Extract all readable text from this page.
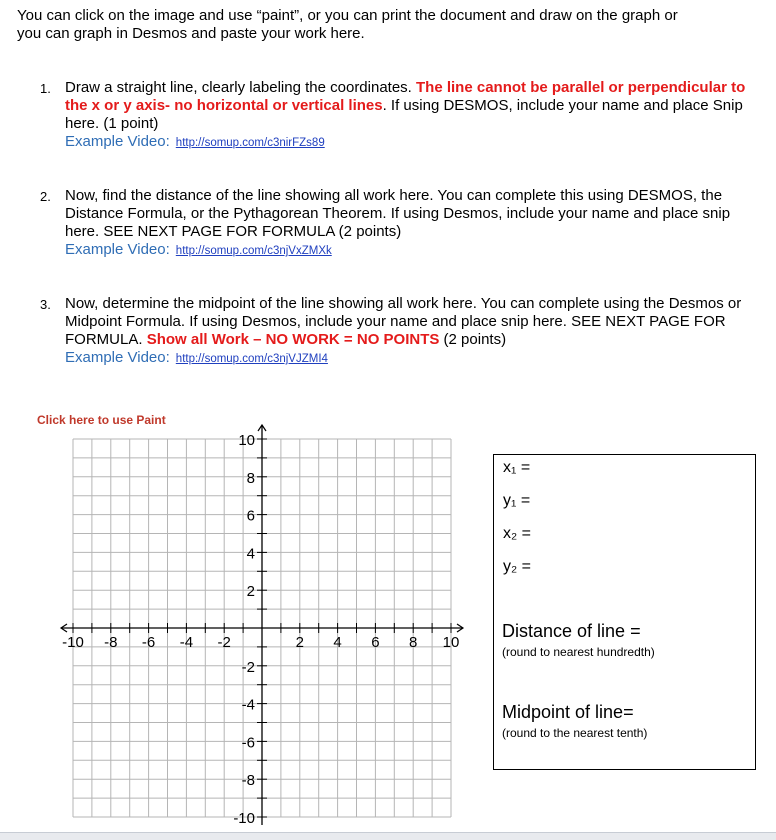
You can click on the image and use “paint”, or you can print the document and draw on the graph or
you can graph in Desmos and paste your work here.
1. Draw a straight line, clearly labeling the coordinates. The line cannot be parallel or perpendicular to the x or y axis- no horizontal or vertical lines. If using DESMOS, include your name and place Snip here. (1 point)
Example Video: http://somup.com/c3nirFZs89
2. Now, find the distance of the line showing all work here. You can complete this using DESMOS, the Distance Formula, or the Pythagorean Theorem. If using Desmos, include your name and place snip here. SEE NEXT PAGE FOR FORMULA (2 points)
Example Video: http://somup.com/c3njVxZMXk
3. Now, determine the midpoint of the line showing all work here. You can complete using the Desmos or Midpoint Formula. If using Desmos, include your name and place snip here. SEE NEXT PAGE FOR FORMULA. Show all Work – NO WORK = NO POINTS (2 points)
Example Video: http://somup.com/c3njVJZMI4
-10 -8 -6 -4 -2	2 4 6 8 10
10
8
6
4
2
-2
-4
-6
-8
-10
Click here to use Paint
x₁ =
y₁ =
x₂ =
y₂ =
Distance of line =
(round to nearest hundredth)
Midpoint of line=
(round to the nearest tenth)
